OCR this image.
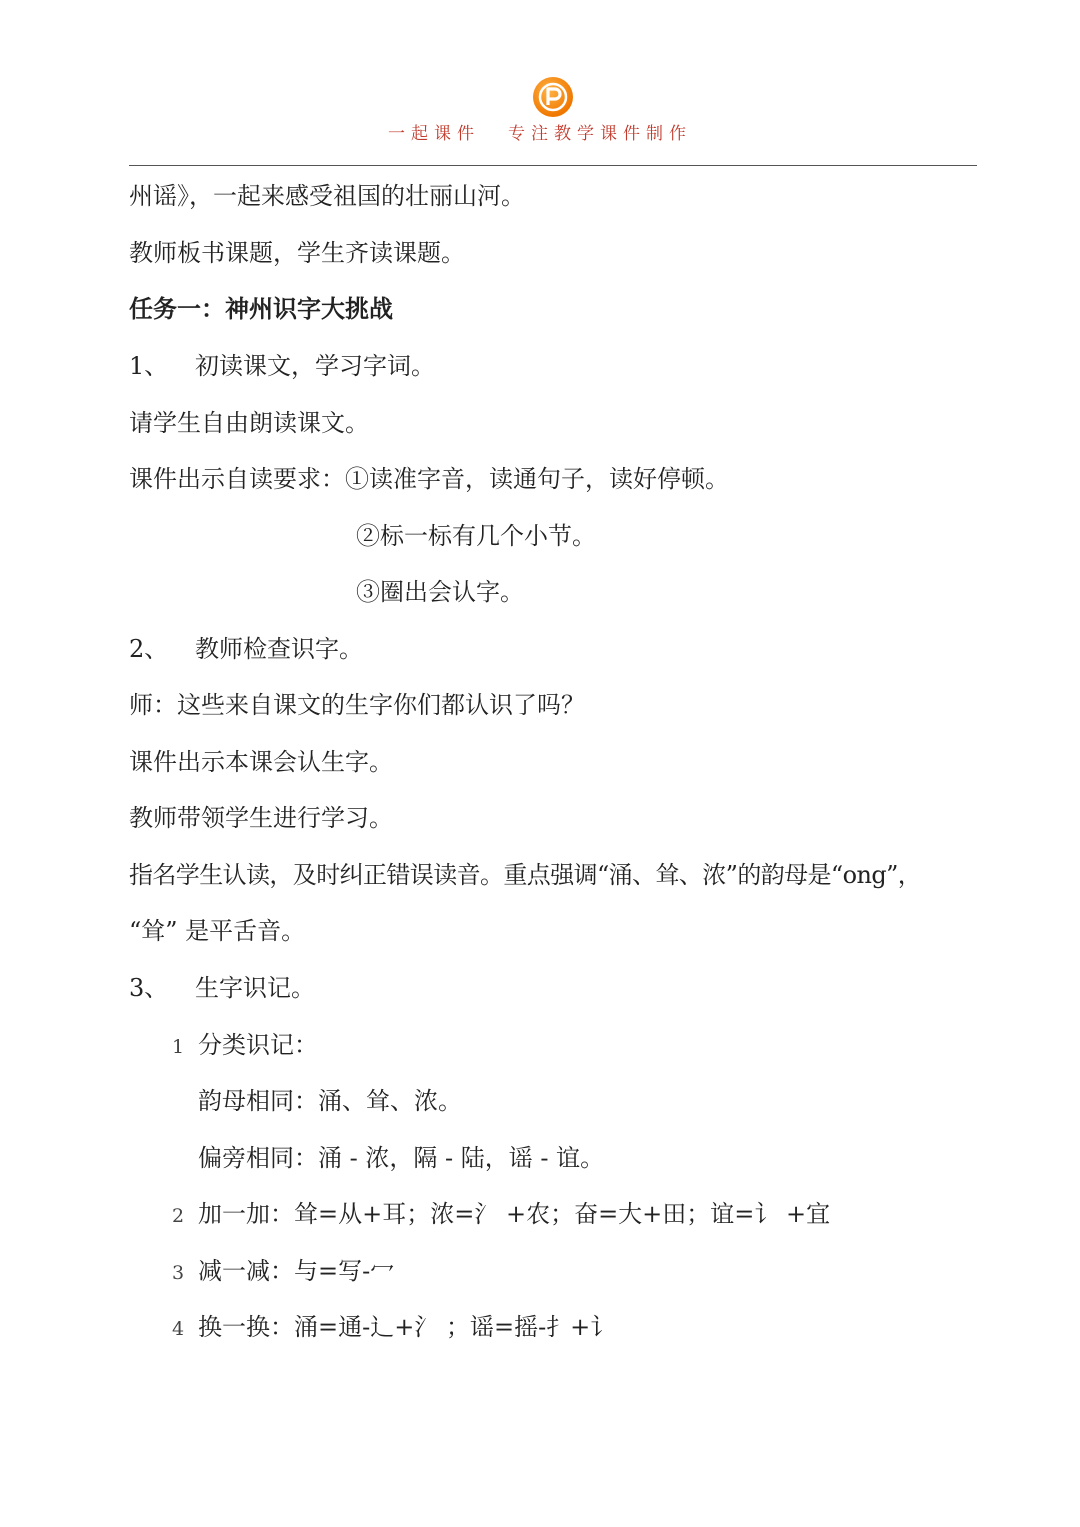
一起课件 专注教学课件制作
州谣》，一起来感受祖国的壮丽山河。
教师板书课题，学生齐读课题。
任务一：神州识字大挑战
1、 初读课文，学习字词。
请学生自由朗读课文。
课件出示自读要求：①读准字音，读通句子，读好停顿。
②标一标有几个小节。
③圈出会认字。
2、 教师检查识字。
师：这些来自课文的生字你们都认识了吗？
课件出示本课会认生字。
教师带领学生进行学习。
指名学生认读，及时纠正错误读音。重点强调“涌、耸、浓”的韵母是“ong”，
“耸” 是平舌音。
3、 生字识记。
1 分类识记：
韵母相同：涌、耸、浓。
偏旁相同：涌 - 浓，隔 - 陆，谣 - 谊。
2 加一加：耸=从+耳；浓=氵 +农；奋=大+田；谊=讠 +宜
3 减一减：与=写-冖
4 换一换：涌=通-辶+氵 ；谣=摇-扌+讠
